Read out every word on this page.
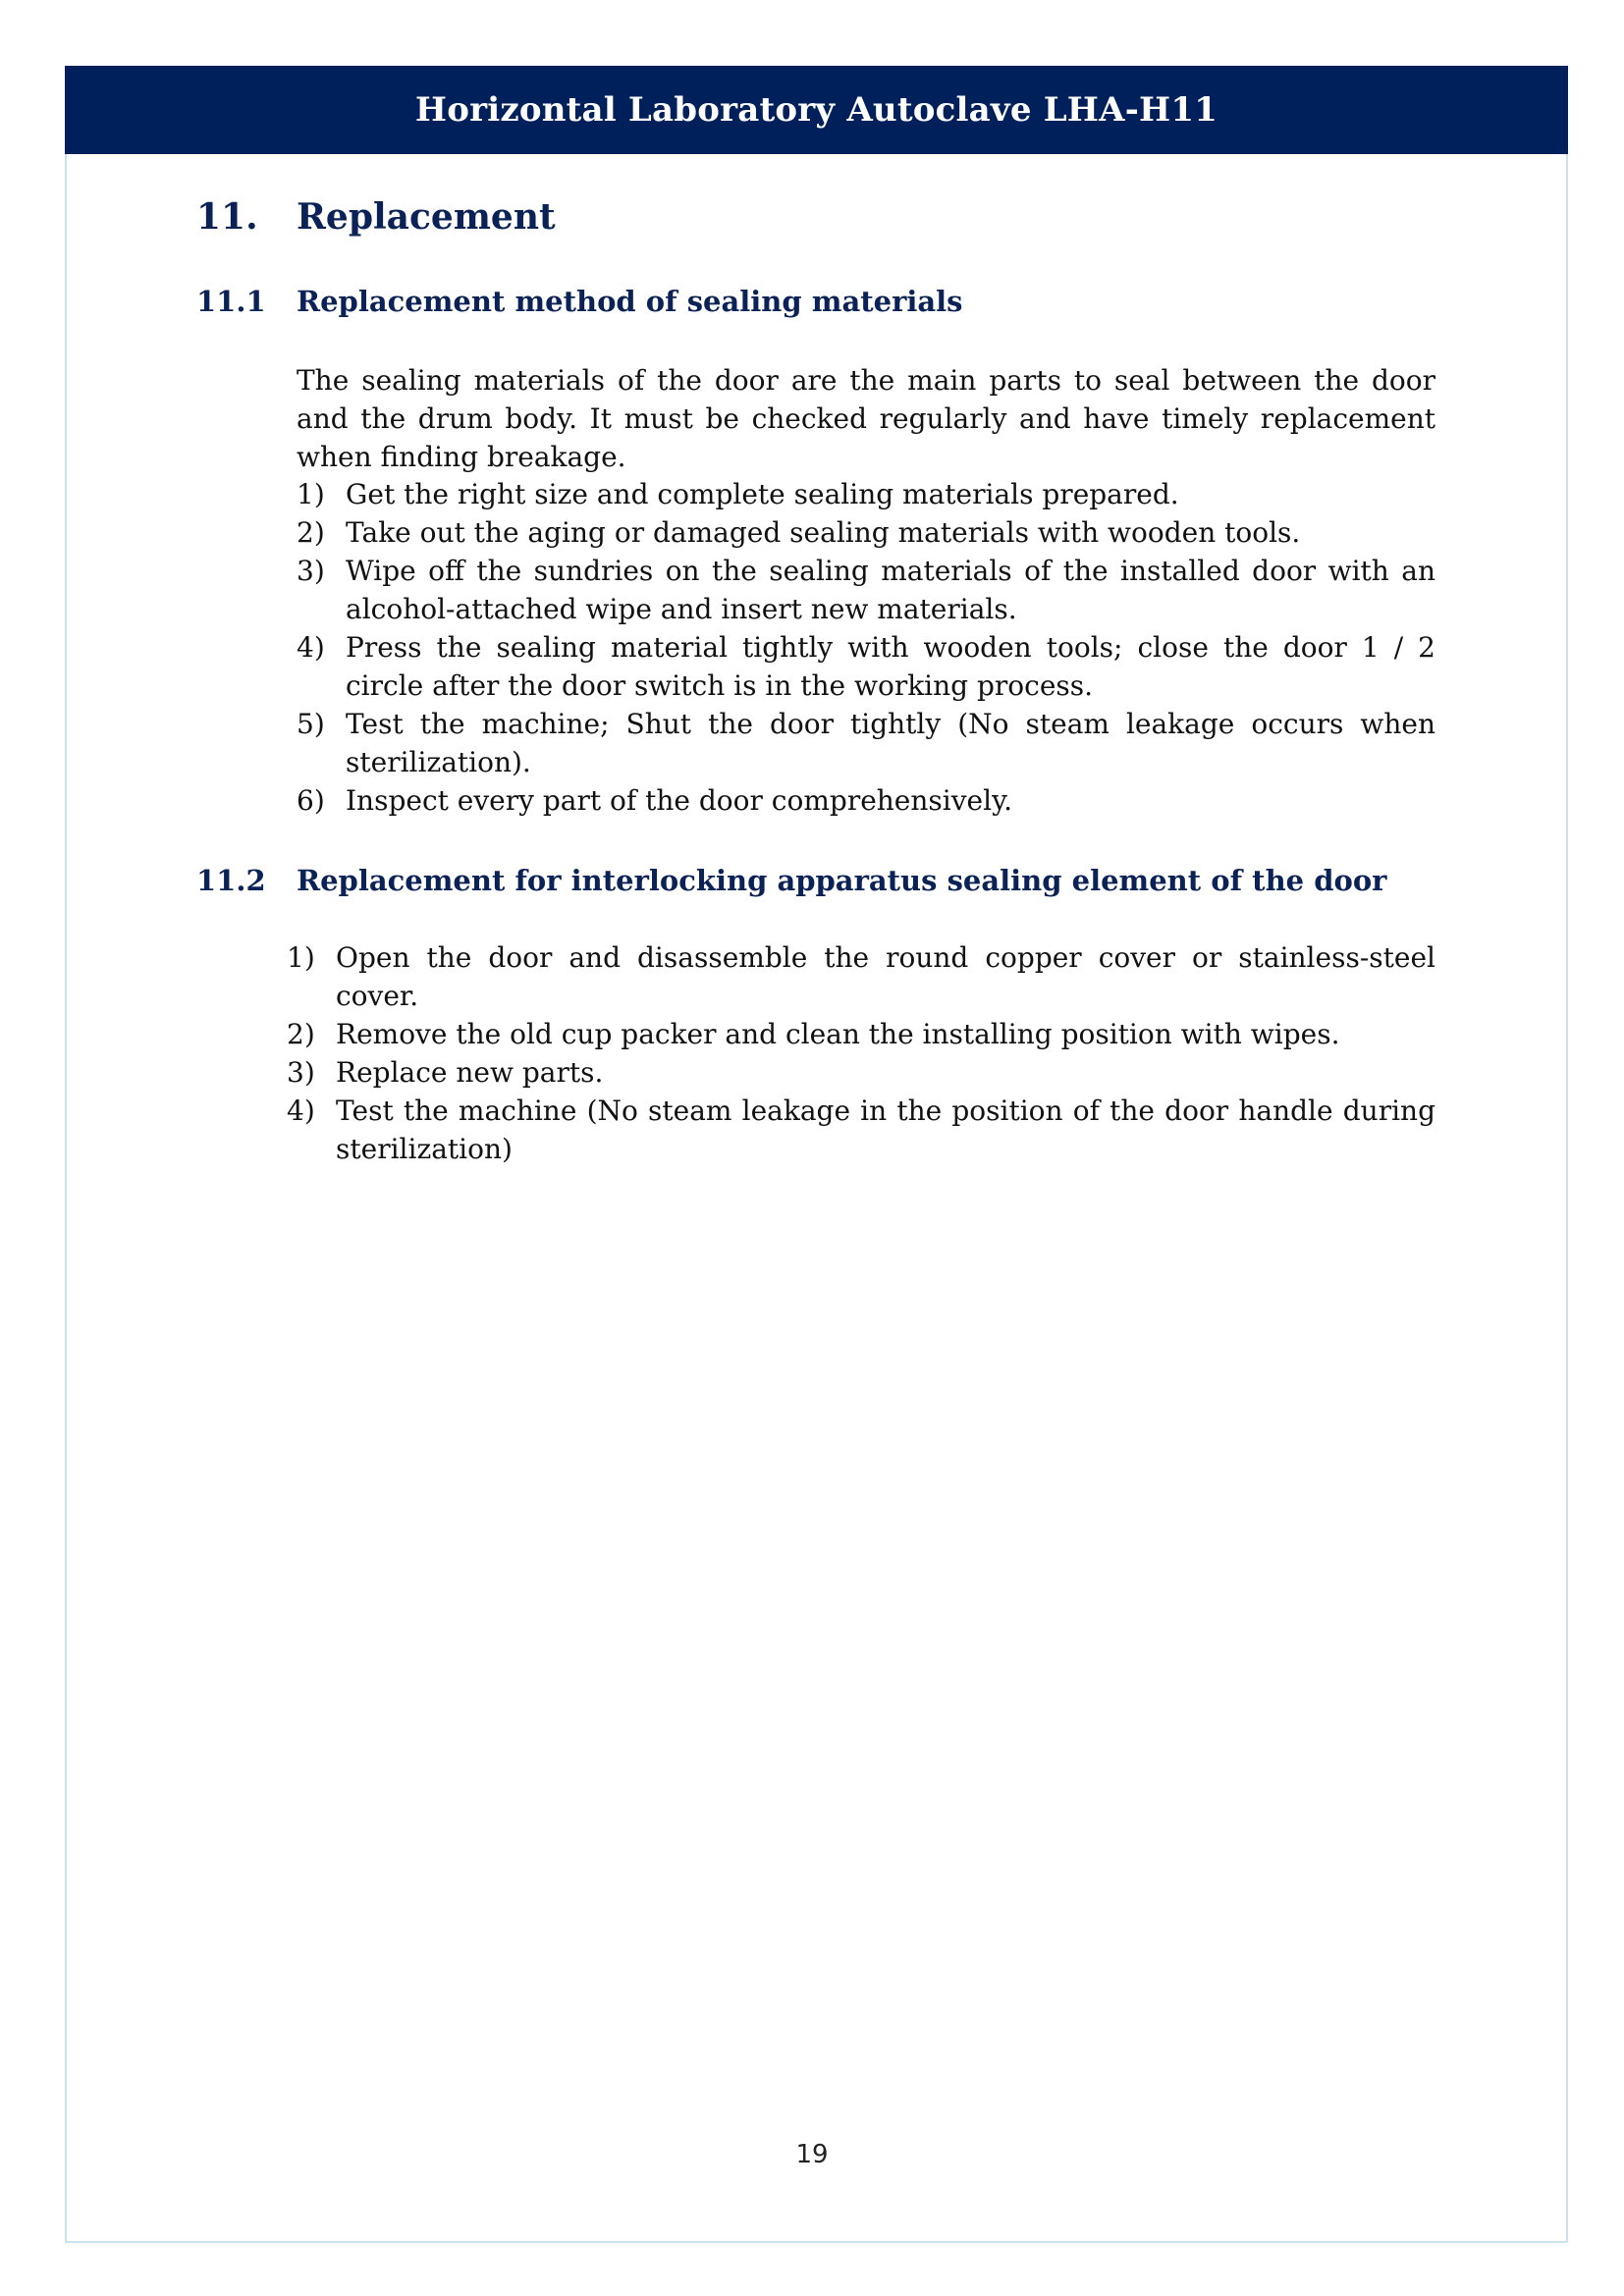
Horizontal Laboratory Autoclave LHA-H11
11.	Replacement
11.1	Replacement method of sealing materials

The sealing materials of the door are the main parts to seal between the door and the drum body. It must be checked regularly and have timely replacement when finding breakage.

1) Get the right size and complete sealing materials prepared.
2) Take out the aging or damaged sealing materials with wooden tools.
3) Wipe off the sundries on the sealing materials of the installed door with an alcohol-attached wipe and insert new materials.
4) Press the sealing material tightly with wooden tools; close the door 1 / 2 circle after the door switch is in the working process.
5) Test the machine; Shut the door tightly (No steam leakage occurs when sterilization).
6) Inspect every part of the door comprehensively.
11.2	Replacement for interlocking apparatus sealing element of the door
1) Open the door and disassemble the round copper cover or stainless-steel cover.
2) Remove the old cup packer and clean the installing position with wipes.
3) Replace new parts.
4) Test the machine (No steam leakage in the position of the door handle during sterilization)
19
